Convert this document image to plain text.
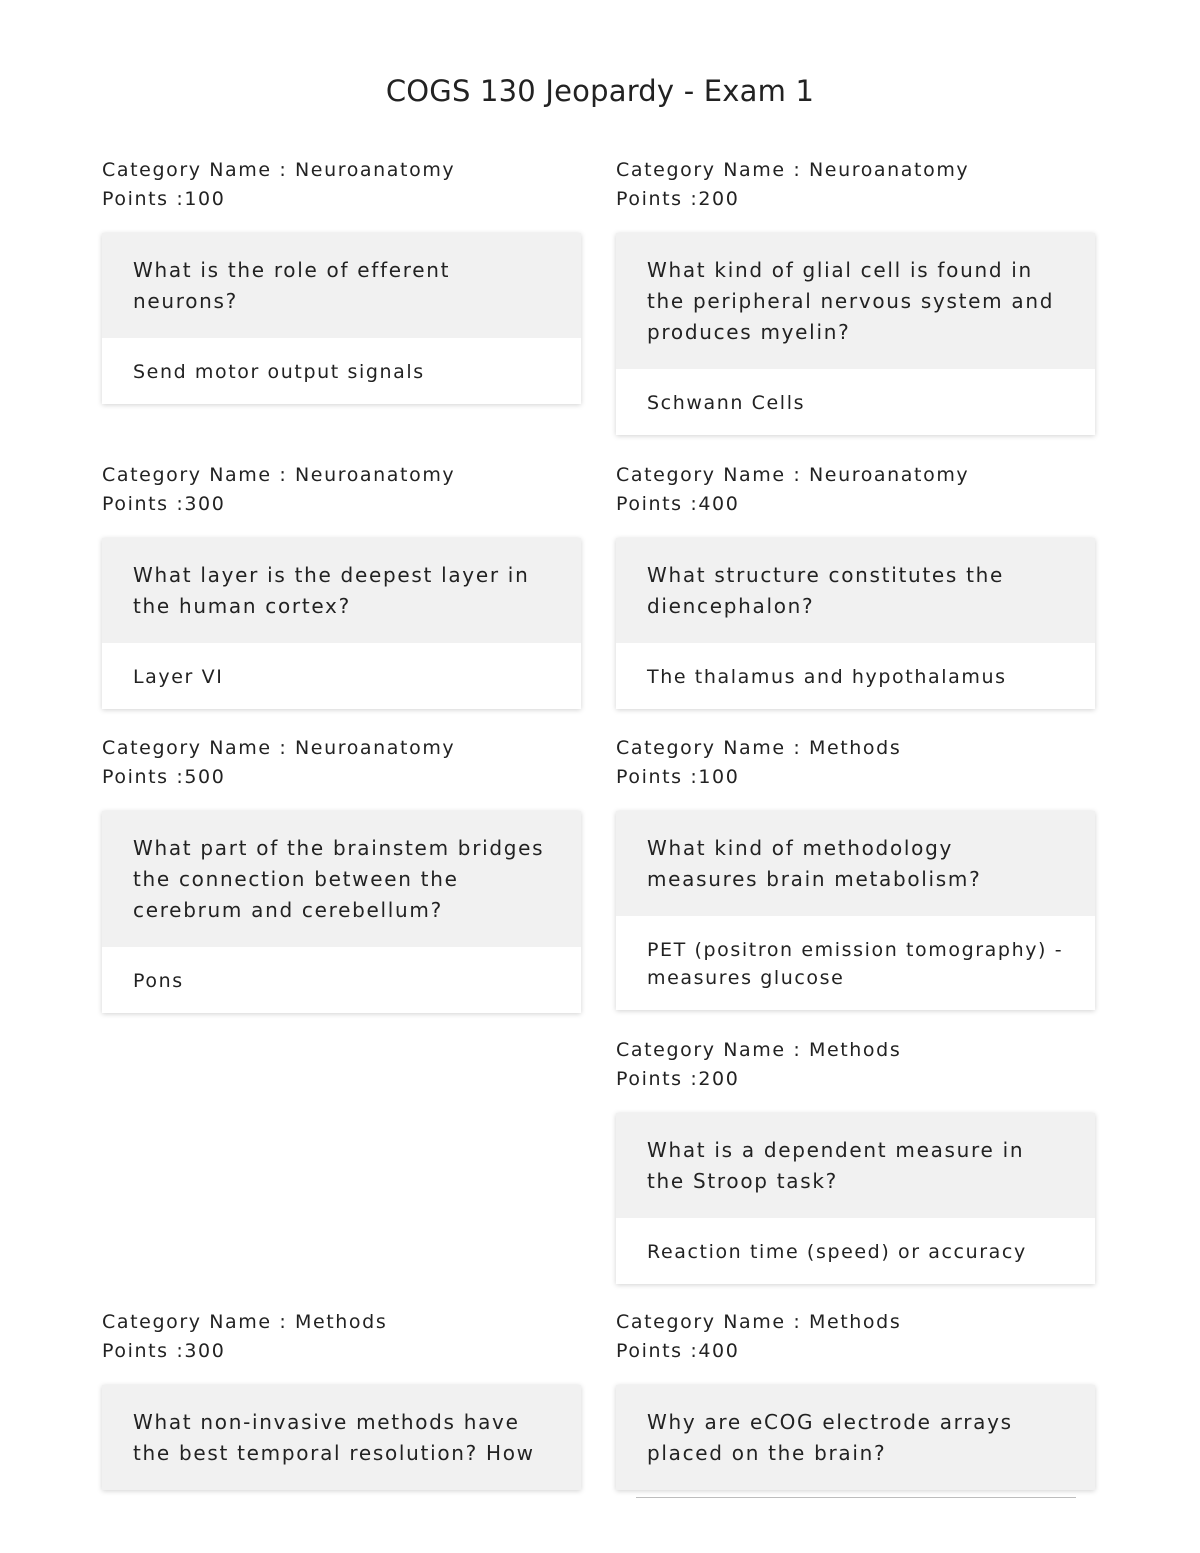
COGS 130 Jeopardy - Exam 1
Category Name : Neuroanatomy
Points :100
What is the role of efferent neurons?
Send motor output signals
Category Name : Neuroanatomy
Points :200
What kind of glial cell is found in the peripheral nervous system and produces myelin?
Schwann Cells
Category Name : Neuroanatomy
Points :300
What layer is the deepest layer in the human cortex?
Layer VI
Category Name : Neuroanatomy
Points :400
What structure constitutes the diencephalon?
The thalamus and hypothalamus
Category Name : Neuroanatomy
Points :500
What part of the brainstem bridges the connection between the cerebrum and cerebellum?
Pons
Category Name : Methods
Points :100
What kind of methodology measures brain metabolism?
PET (positron emission tomography) - measures glucose
Category Name : Methods
Points :200
What is a dependent measure in the Stroop task?
Reaction time (speed) or accuracy
Category Name : Methods
Points :300
What non-invasive methods have the best temporal resolution? How
Category Name : Methods
Points :400
Why are eCOG electrode arrays placed on the brain?
